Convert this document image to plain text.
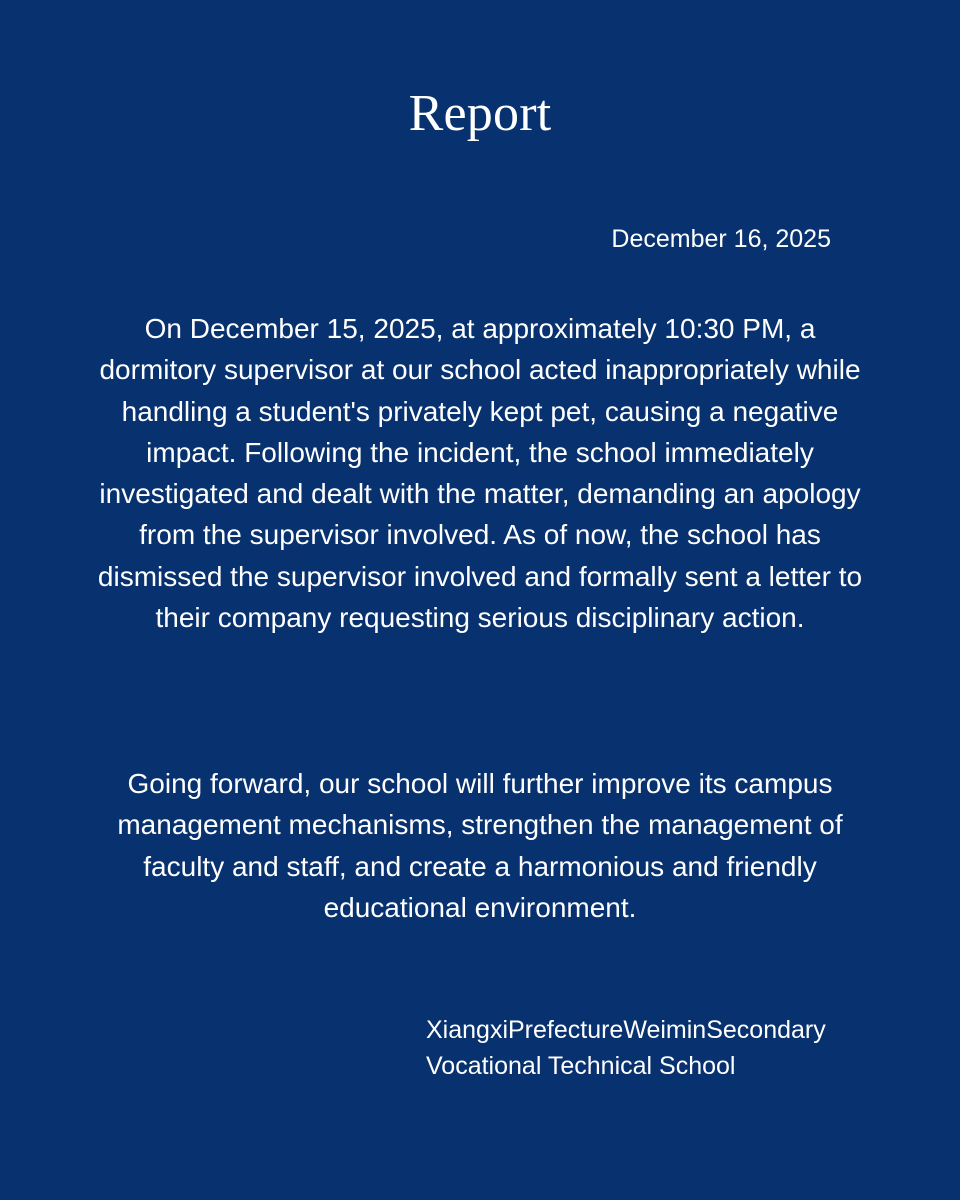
Report
December 16, 2025
On December 15, 2025, at approximately 10:30 PM, a dormitory supervisor at our school acted inappropriately while handling a student's privately kept pet, causing a negative impact. Following the incident, the school immediately investigated and dealt with the matter, demanding an apology from the supervisor involved. As of now, the school has dismissed the supervisor involved and formally sent a letter to their company requesting serious disciplinary action.
Going forward, our school will further improve its campus management mechanisms, strengthen the management of faculty and staff, and create a harmonious and friendly educational environment.
XiangxiPrefectureWeiminSecondary
Vocational Technical School
